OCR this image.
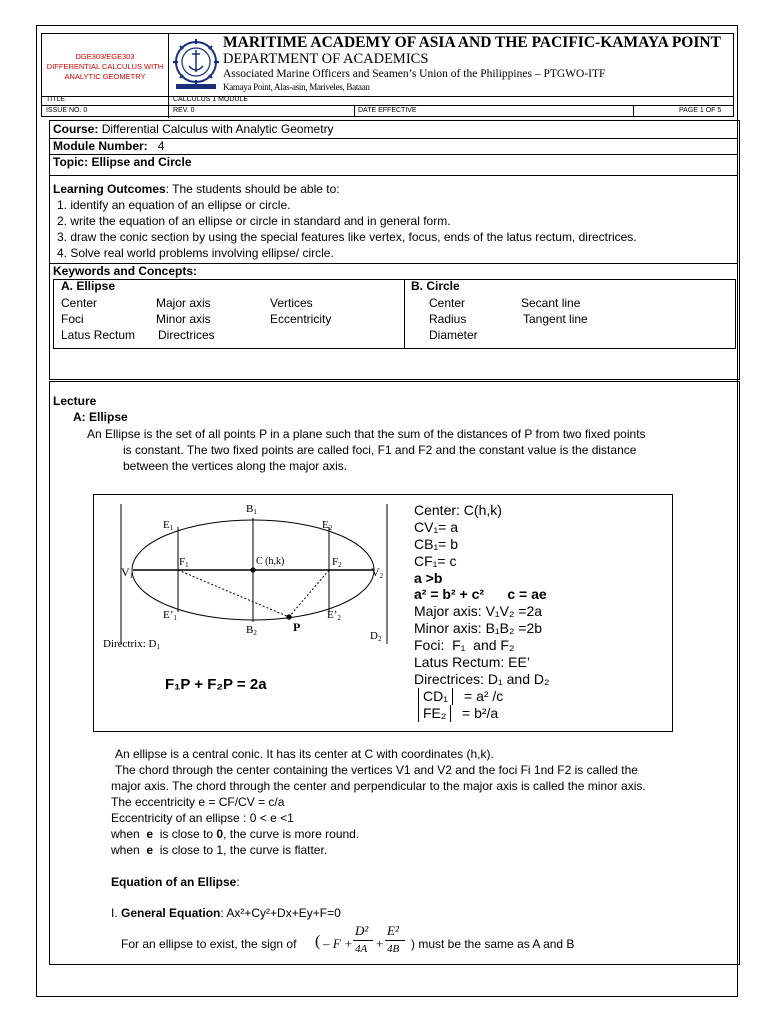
DGE303/EGE303
DIFFERENTIAL CALCULUS WITH
ANALYTIC GEOMETRY
MARITIME ACADEMY OF ASIA AND THE PACIFIC-KAMAYA POINT
DEPARTMENT OF ACADEMICS
Associated Marine Officers and Seamen’s Union of the Philippines – PTGWO-ITF
Kamaya Point, Alas-asin, Mariveles, Bataan
TITLE	CALCULUS 1 MODULE
ISSUE NO. 0	REV. 0	DATE EFFECTIVE	PAGE 1 OF 5
Course: Differential Calculus with Analytic Geometry
Module Number: 4
Topic: Ellipse and Circle
Learning Outcomes: The students should be able to:
1. identify an equation of an ellipse or circle.
2. write the equation of an ellipse or circle in standard and in general form.
3. draw the conic section by using the special features like vertex, focus, ends of the latus rectum, directrices.
4. Solve real world problems involving ellipse/ circle.
Keywords and Concepts:
A. Ellipse
Center	Major axis	Vertices
Foci	Minor axis	Eccentricity
Latus Rectum Directrices
B. Circle
Center	Secant line
Radius	Tangent line
Diameter
Lecture
A: Ellipse
An Ellipse is the set of all points P in a plane such that the sum of the distances of P from two fixed points
is constant. The two fixed points are called foci, F1 and F2 and the constant value is the distance
between the vertices along the major axis.
B1
E1	E2
F1	F2
C (h,k)
V1	V2
E’1	E’2
B2	P
Directrix: D1
D2
F₁P + F₂P = 2a
Center: C(h,k)
CV₁= a
CB₁= b
CF₁= c
a >b
a² = b² + c²      c = ae
Major axis: V₁V₂ =2a
Minor axis: B₁B₂ =2b
Foci:  F₁  and F₂
Latus Rectum: EE’
Directrices: D₁ and D₂
CD₁	= a² /c
FE₂	= b²/a
An ellipse is a central conic. It has its center at C with coordinates (h,k).
The chord through the center containing the vertices V1 and V2 and the foci Fi 1nd F2 is called the
major axis. The chord through the center and perpendicular to the major axis is called the minor axis.
The eccentricity e = CF/CV = c/a
Eccentricity of an ellipse : 0 < e <1
when e is close to 0, the curve is more round.
when e is close to 1, the curve is flatter.
Equation of an Ellipse:
I. General Equation: Ax²+Cy²+Dx+Ey+F=0
For an ellipse to exist, the sign of ( – F +
D²
4A +
E²
4B ) must be the same as A and B
